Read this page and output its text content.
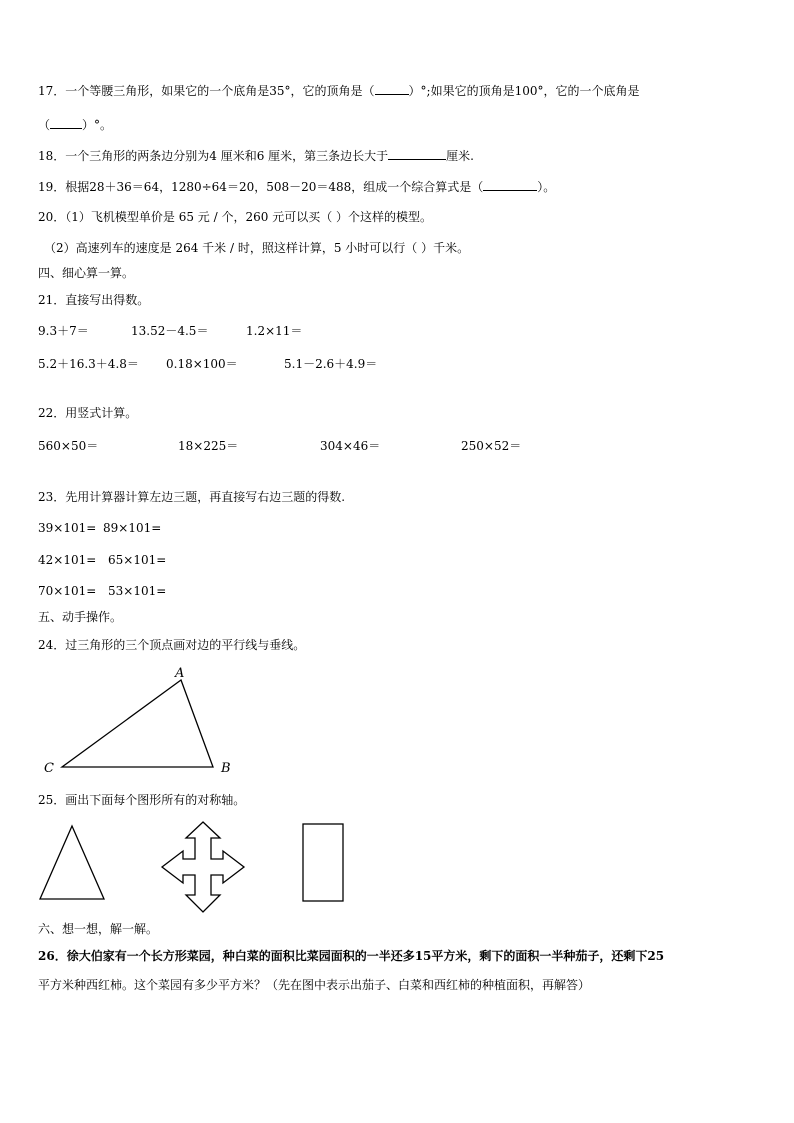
17．一个等腰三角形，如果它的一个底角是35°，它的顶角是（	）°;如果它的顶角是100°，它的一个底角是
（	）°。
18．一个三角形的两条边分别为4 厘米和6 厘米，第三条边长大于	厘米.
19．根据28＋36＝64，1280÷64＝20，508－20＝488，组成一个综合算式是（	）。
20．（1）飞机模型单价是 65 元 / 个，260 元可以买（ ）个这样的模型。
（2）高速列车的速度是 264 千米 / 时，照这样计算，5 小时可以行（ ）千米。
四、细心算一算。
21．直接写出得数。
9.3＋7＝	13.52－4.5＝	1.2×11＝
5.2＋16.3＋4.8＝ 0.18×100＝	5.1－2.6＋4.9＝
22．用竖式计算。
560×50＝	18×225＝	304×46＝	250×52＝
23．先用计算器计算左边三题，再直接写右边三题的得数.
39×101= 89×101=
42×101= 65×101=
70×101= 53×101=
五、动手操作。
24．过三角形的三个顶点画对边的平行线与垂线。
A
B
C
25．画出下面每个图形所有的对称轴。
六、想一想，解一解。
26．徐大伯家有一个长方形菜园，种白菜的面积比菜园面积的一半还多15平方米，剩下的面积一半种茄子，还剩下25
平方米种西红柿。这个菜园有多少平方米？（先在图中表示出茄子、白菜和西红柿的种植面积，再解答）
